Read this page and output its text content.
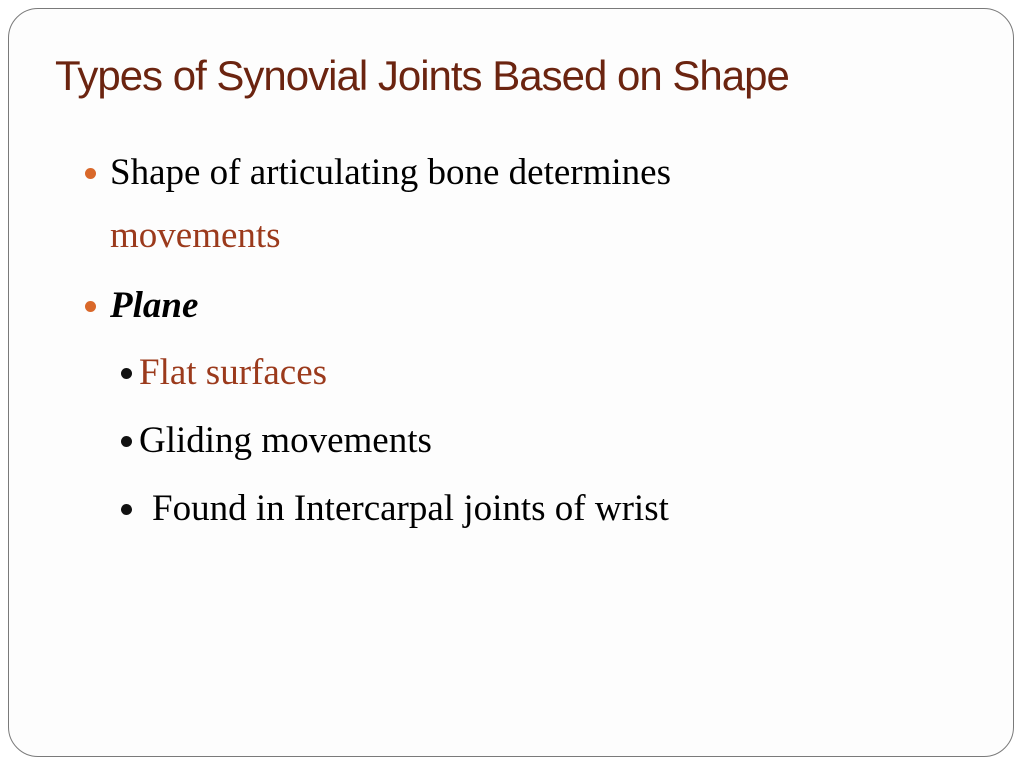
Types of Synovial Joints Based on Shape
Shape of articulating bone determines
movements
Plane
Flat surfaces
Gliding movements
Found in Intercarpal joints of wrist
